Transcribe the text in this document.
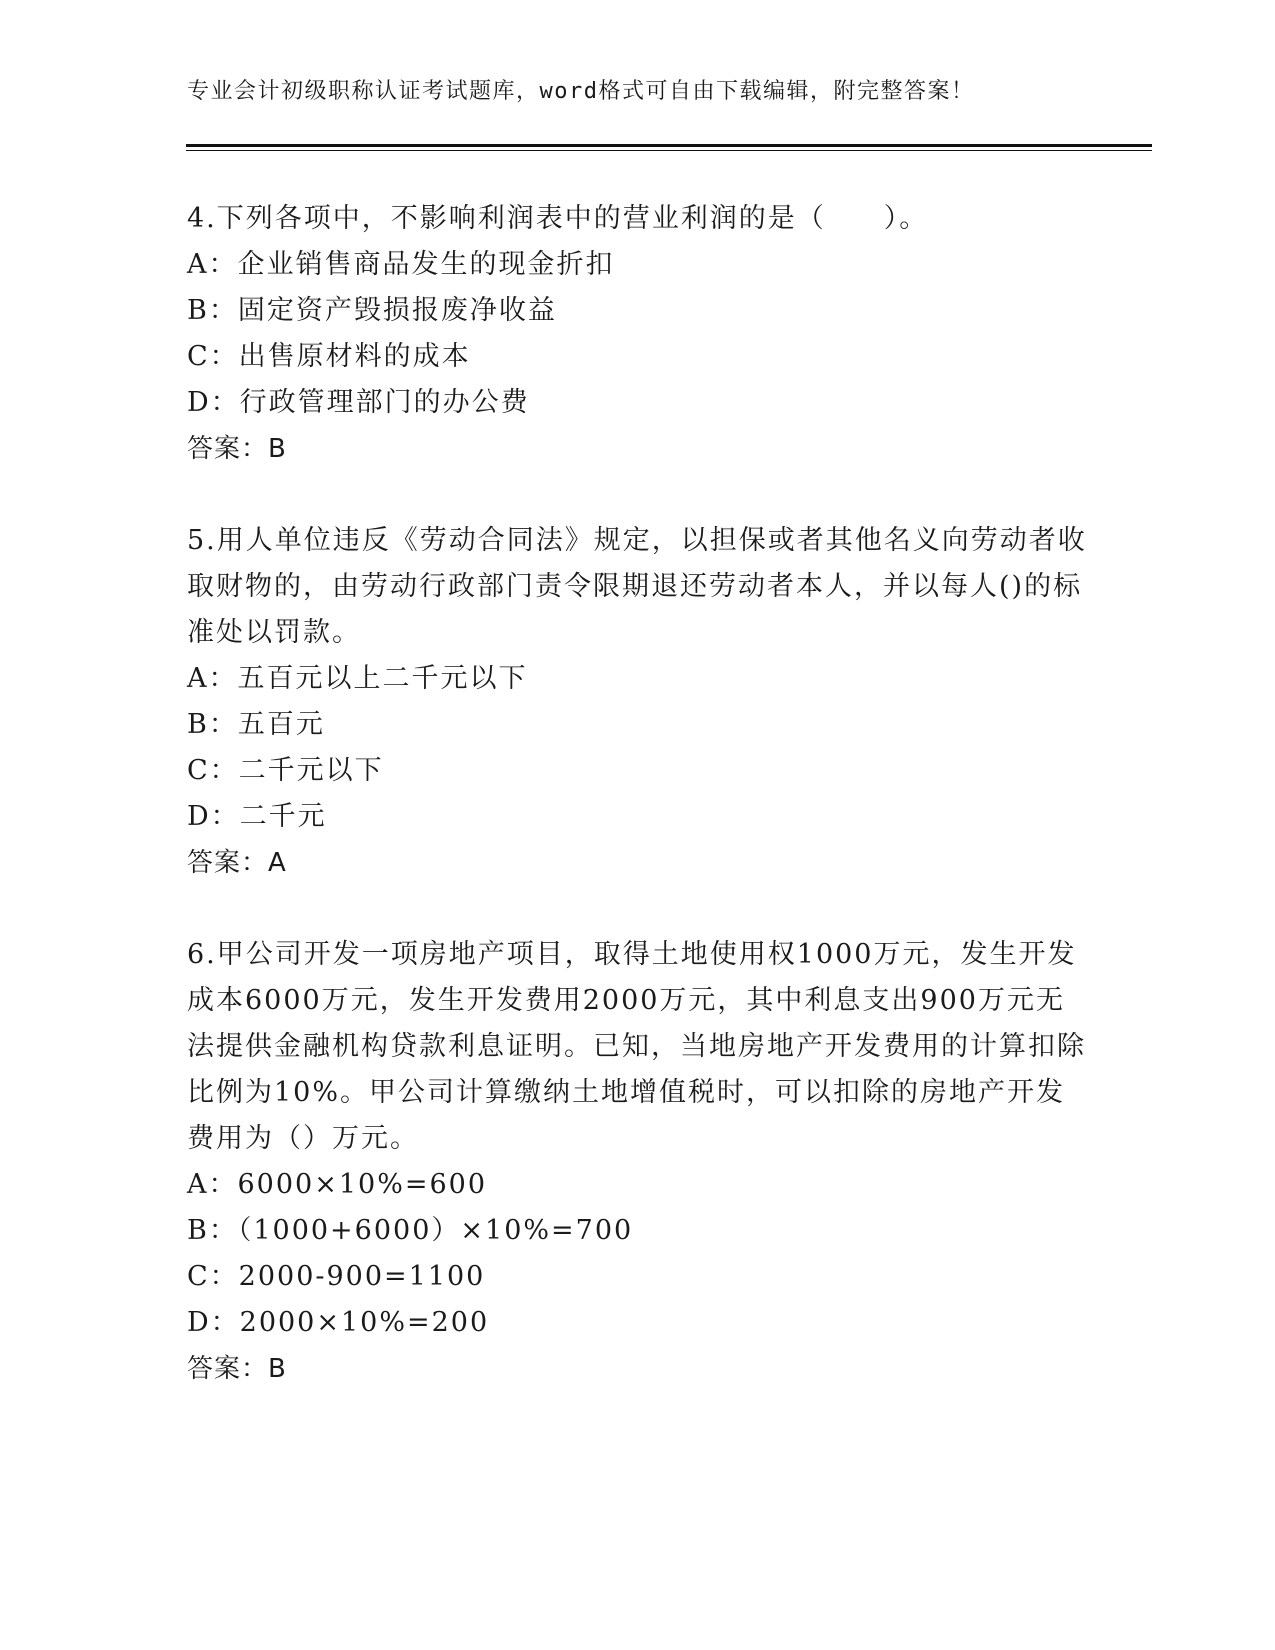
专业会计初级职称认证考试题库，word格式可自由下载编辑，附完整答案！

4.下列各项中，不影响利润表中的营业利润的是（　　）。

A：企业销售商品发生的现金折扣

B：固定资产毁损报废净收益

C：出售原材料的成本

D：行政管理部门的办公费

答案：B

5.用人单位违反《劳动合同法》规定，以担保或者其他名义向劳动者收取财物的，由劳动行政部门责令限期退还劳动者本人，并以每人()的标准处以罚款。

A：五百元以上二千元以下

B：五百元

C：二千元以下

D：二千元

答案：A

6.甲公司开发一项房地产项目，取得土地使用权1000万元，发生开发成本6000万元，发生开发费用2000万元，其中利息支出900万元无法提供金融机构贷款利息证明。已知，当地房地产开发费用的计算扣除比例为10%。甲公司计算缴纳土地增值税时，可以扣除的房地产开发费用为（）万元。

A：6000×10%=600

B：（1000+6000）×10%=700

C：2000-900=1100

D：2000×10%=200

答案：B
